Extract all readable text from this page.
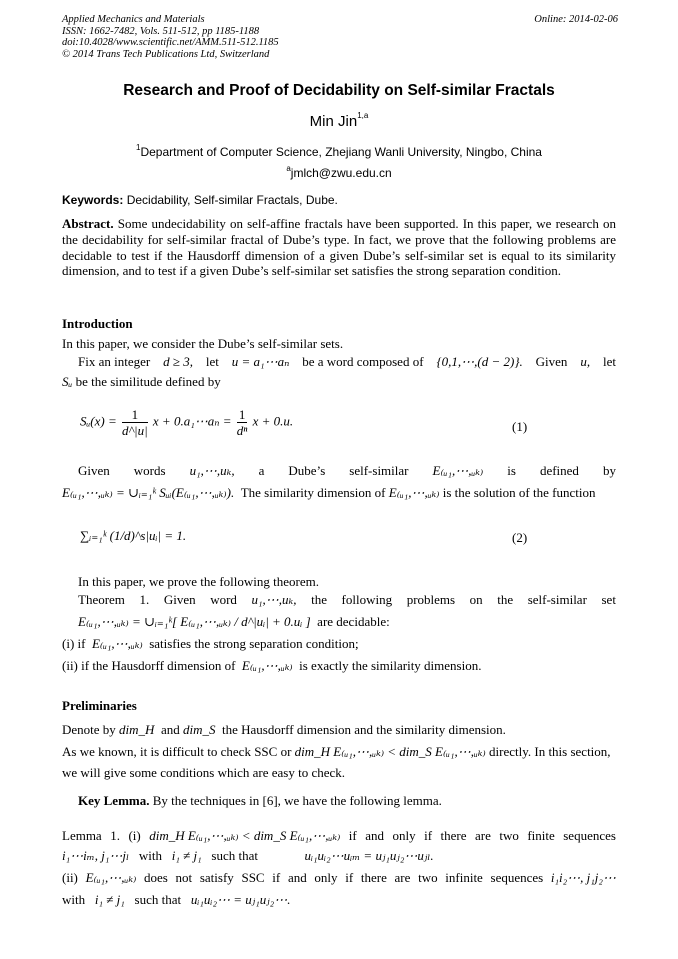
Applied Mechanics and Materials
ISSN: 1662-7482, Vols. 511-512, pp 1185-1188
doi:10.4028/www.scientific.net/AMM.511-512.1185
© 2014 Trans Tech Publications Ltd, Switzerland
Online: 2014-02-06
Research and Proof of Decidability on Self-similar Fractals
Min Jin$^{1,a}$
$^1$Department of Computer Science, Zhejiang Wanli University, Ningbo, China
$^a$jmlch@zwu.edu.cn
Keywords: Decidability, Self-similar Fractals, Dube.
Abstract. Some undecidability on self-affine fractals have been supported. In this paper, we research on the decidability for self-similar fractal of Dube’s type. In fact, we prove that the following problems are decidable to test if the Hausdorff dimension of a given Dube’s self-similar set is equal to its similarity dimension, and to test if a given Dube’s self-similar set satisfies the strong separation condition.
Introduction
In this paper, we consider the Dube’s self-similar sets.
Fix an integer d ≥ 3, let u = a₁⋯aₙ be a word composed of {0,1,⋯,(d − 2)}. Given u, let
Sᵤ be the similitude defined by
Sᵤ(x) = $\frac{1}{d\^{}|u|}$ x + 0.a₁⋯aₙ = $\frac{1}{\text{dⁿ}}$ x + 0.u.	(1)
Given words u₁,⋯,uₖ, a Dube’s self-similar E₍ᵤ₁,⋯,ᵤₖ₎ is defined by
E₍ᵤ₁,⋯,ᵤₖ₎ = ∪ᵢ₌₁ᵏ Sᵤᵢ(E₍ᵤ₁,⋯,ᵤₖ₎). The similarity dimension of E₍ᵤ₁,⋯,ᵤₖ₎ is the solution of the function
∑ᵢ₌₁ᵏ (1/d)^s|uᵢ| = 1.	(2)
In this paper, we prove the following theorem.
Theorem 1. Given word u₁,⋯,uₖ, the following problems on the self-similar set
E₍ᵤ₁,⋯,ᵤₖ₎ = ∪ᵢ₌₁ᵏ[ E₍ᵤ₁,⋯,ᵤₖ₎ / d^|uᵢ| + 0.uᵢ ] are decidable:
(i) if E₍ᵤ₁,⋯,ᵤₖ₎ satisfies the strong separation condition;
(ii) if the Hausdorff dimension of E₍ᵤ₁,⋯,ᵤₖ₎ is exactly the similarity dimension.
Preliminaries
Denote by dim_H and dim_S the Hausdorff dimension and the similarity dimension.
As we known, it is difficult to check SSC or dim_H E₍ᵤ₁,⋯,ᵤₖ₎ < dim_S E₍ᵤ₁,⋯,ᵤₖ₎ directly. In this section,
we will give some conditions which are easy to check.
Key Lemma. By the techniques in [6], we have the following lemma.
Lemma 1. (i) dim_H E₍ᵤ₁,⋯,ᵤₖ₎ < dim_S E₍ᵤ₁,⋯,ᵤₖ₎ if and only if there are two finite sequences
i₁⋯iₘ, j₁⋯jₗ with i₁ ≠ j₁ such that	uᵢ₁uᵢ₂⋯uᵢₘ = uⱼ₁uⱼ₂⋯uⱼₗ.
(ii) E₍ᵤ₁,⋯,ᵤₖ₎ does not satisfy SSC if and only if there are two infinite sequences i₁i₂⋯, j₁j₂⋯
with i₁ ≠ j₁ such that uᵢ₁uᵢ₂⋯ = uⱼ₁uⱼ₂⋯.
